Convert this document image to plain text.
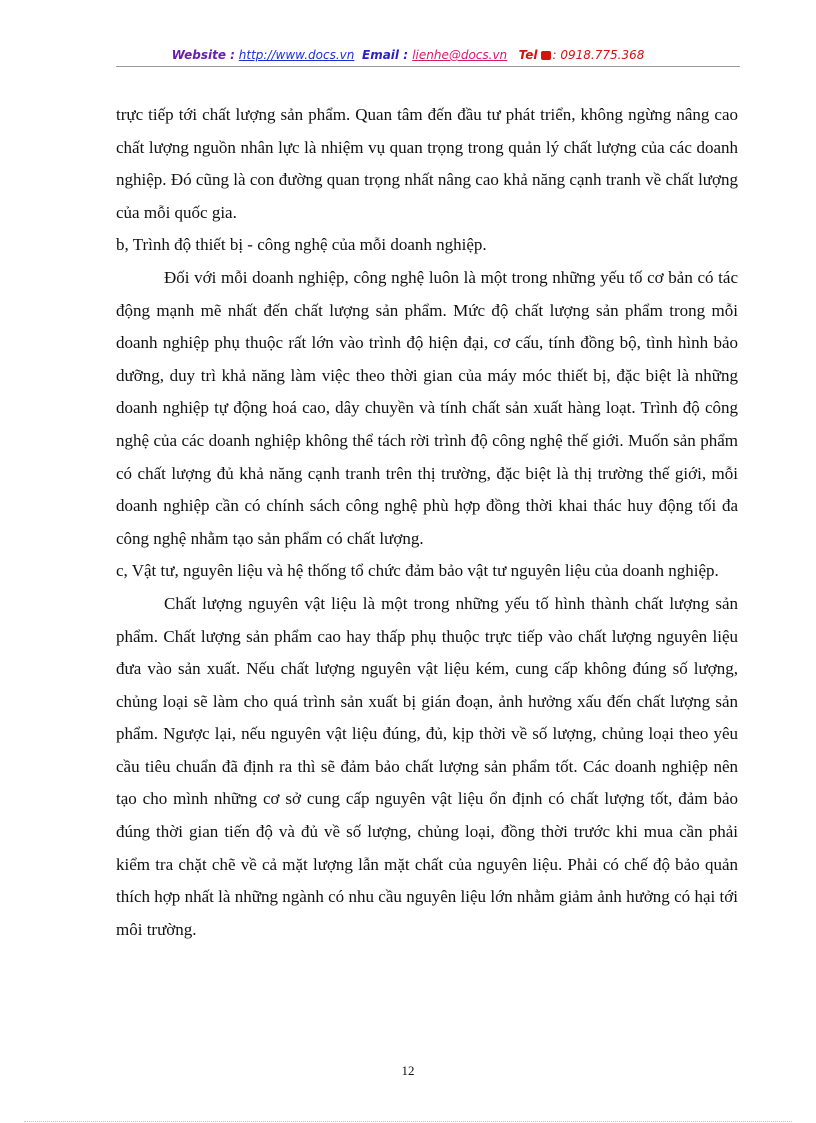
Website : http://www.docs.vn Email : lienhe@docs.vn Tel : 0918.775.368

trực tiếp tới chất lượng sản phẩm. Quan tâm đến đầu tư phát triển, không ngừng nâng cao chất lượng nguồn nhân lực là nhiệm vụ quan trọng trong quản lý chất lượng của các doanh nghiệp. Đó cũng là con đường quan trọng nhất nâng cao khả năng cạnh tranh về chất lượng của mỗi quốc gia.

b, Trình độ thiết bị - công nghệ của mỗi doanh nghiệp.

Đối với mỗi doanh nghiệp, công nghệ luôn là một trong những yếu tố cơ bản có tác động mạnh mẽ nhất đến chất lượng sản phẩm. Mức độ chất lượng sản phẩm trong mỗi doanh nghiệp phụ thuộc rất lớn vào trình độ hiện đại, cơ cấu, tính đồng bộ, tình hình bảo dưỡng, duy trì khả năng làm việc theo thời gian của máy móc thiết bị, đặc biệt là những doanh nghiệp tự động hoá cao, dây chuyền và tính chất sản xuất hàng loạt. Trình độ công nghệ của các doanh nghiệp không thể tách rời trình độ công nghệ thế giới. Muốn sản phẩm có chất lượng đủ khả năng cạnh tranh trên thị trường, đặc biệt là thị trường thế giới, mỗi doanh nghiệp cần có chính sách công nghệ phù hợp đồng thời khai thác huy động tối đa công nghệ nhằm tạo sản phẩm có chất lượng.

c, Vật tư, nguyên liệu và hệ thống tổ chức đảm bảo vật tư nguyên liệu của doanh nghiệp.

Chất lượng nguyên vật liệu là một trong những yếu tố hình thành chất lượng sản phẩm. Chất lượng sản phẩm cao hay thấp phụ thuộc trực tiếp vào chất lượng nguyên liệu đưa vào sản xuất. Nếu chất lượng nguyên vật liệu kém, cung cấp không đúng số lượng, chủng loại sẽ làm cho quá trình sản xuất bị gián đoạn, ảnh hưởng xấu đến chất lượng sản phẩm. Ngược lại, nếu nguyên vật liệu đúng, đủ, kịp thời về số lượng, chủng loại theo yêu cầu tiêu chuẩn đã định ra thì sẽ đảm bảo chất lượng sản phẩm tốt. Các doanh nghiệp nên tạo cho mình những cơ sở cung cấp nguyên vật liệu ổn định có chất lượng tốt, đảm bảo đúng thời gian tiến độ và đủ về số lượng, chủng loại, đồng thời trước khi mua cần phải kiểm tra chặt chẽ về cả mặt lượng lẫn mặt chất của nguyên liệu. Phải có chế độ bảo quản thích hợp nhất là những ngành có nhu cầu nguyên liệu lớn nhằm giảm ảnh hưởng có hại tới môi trường.

12
